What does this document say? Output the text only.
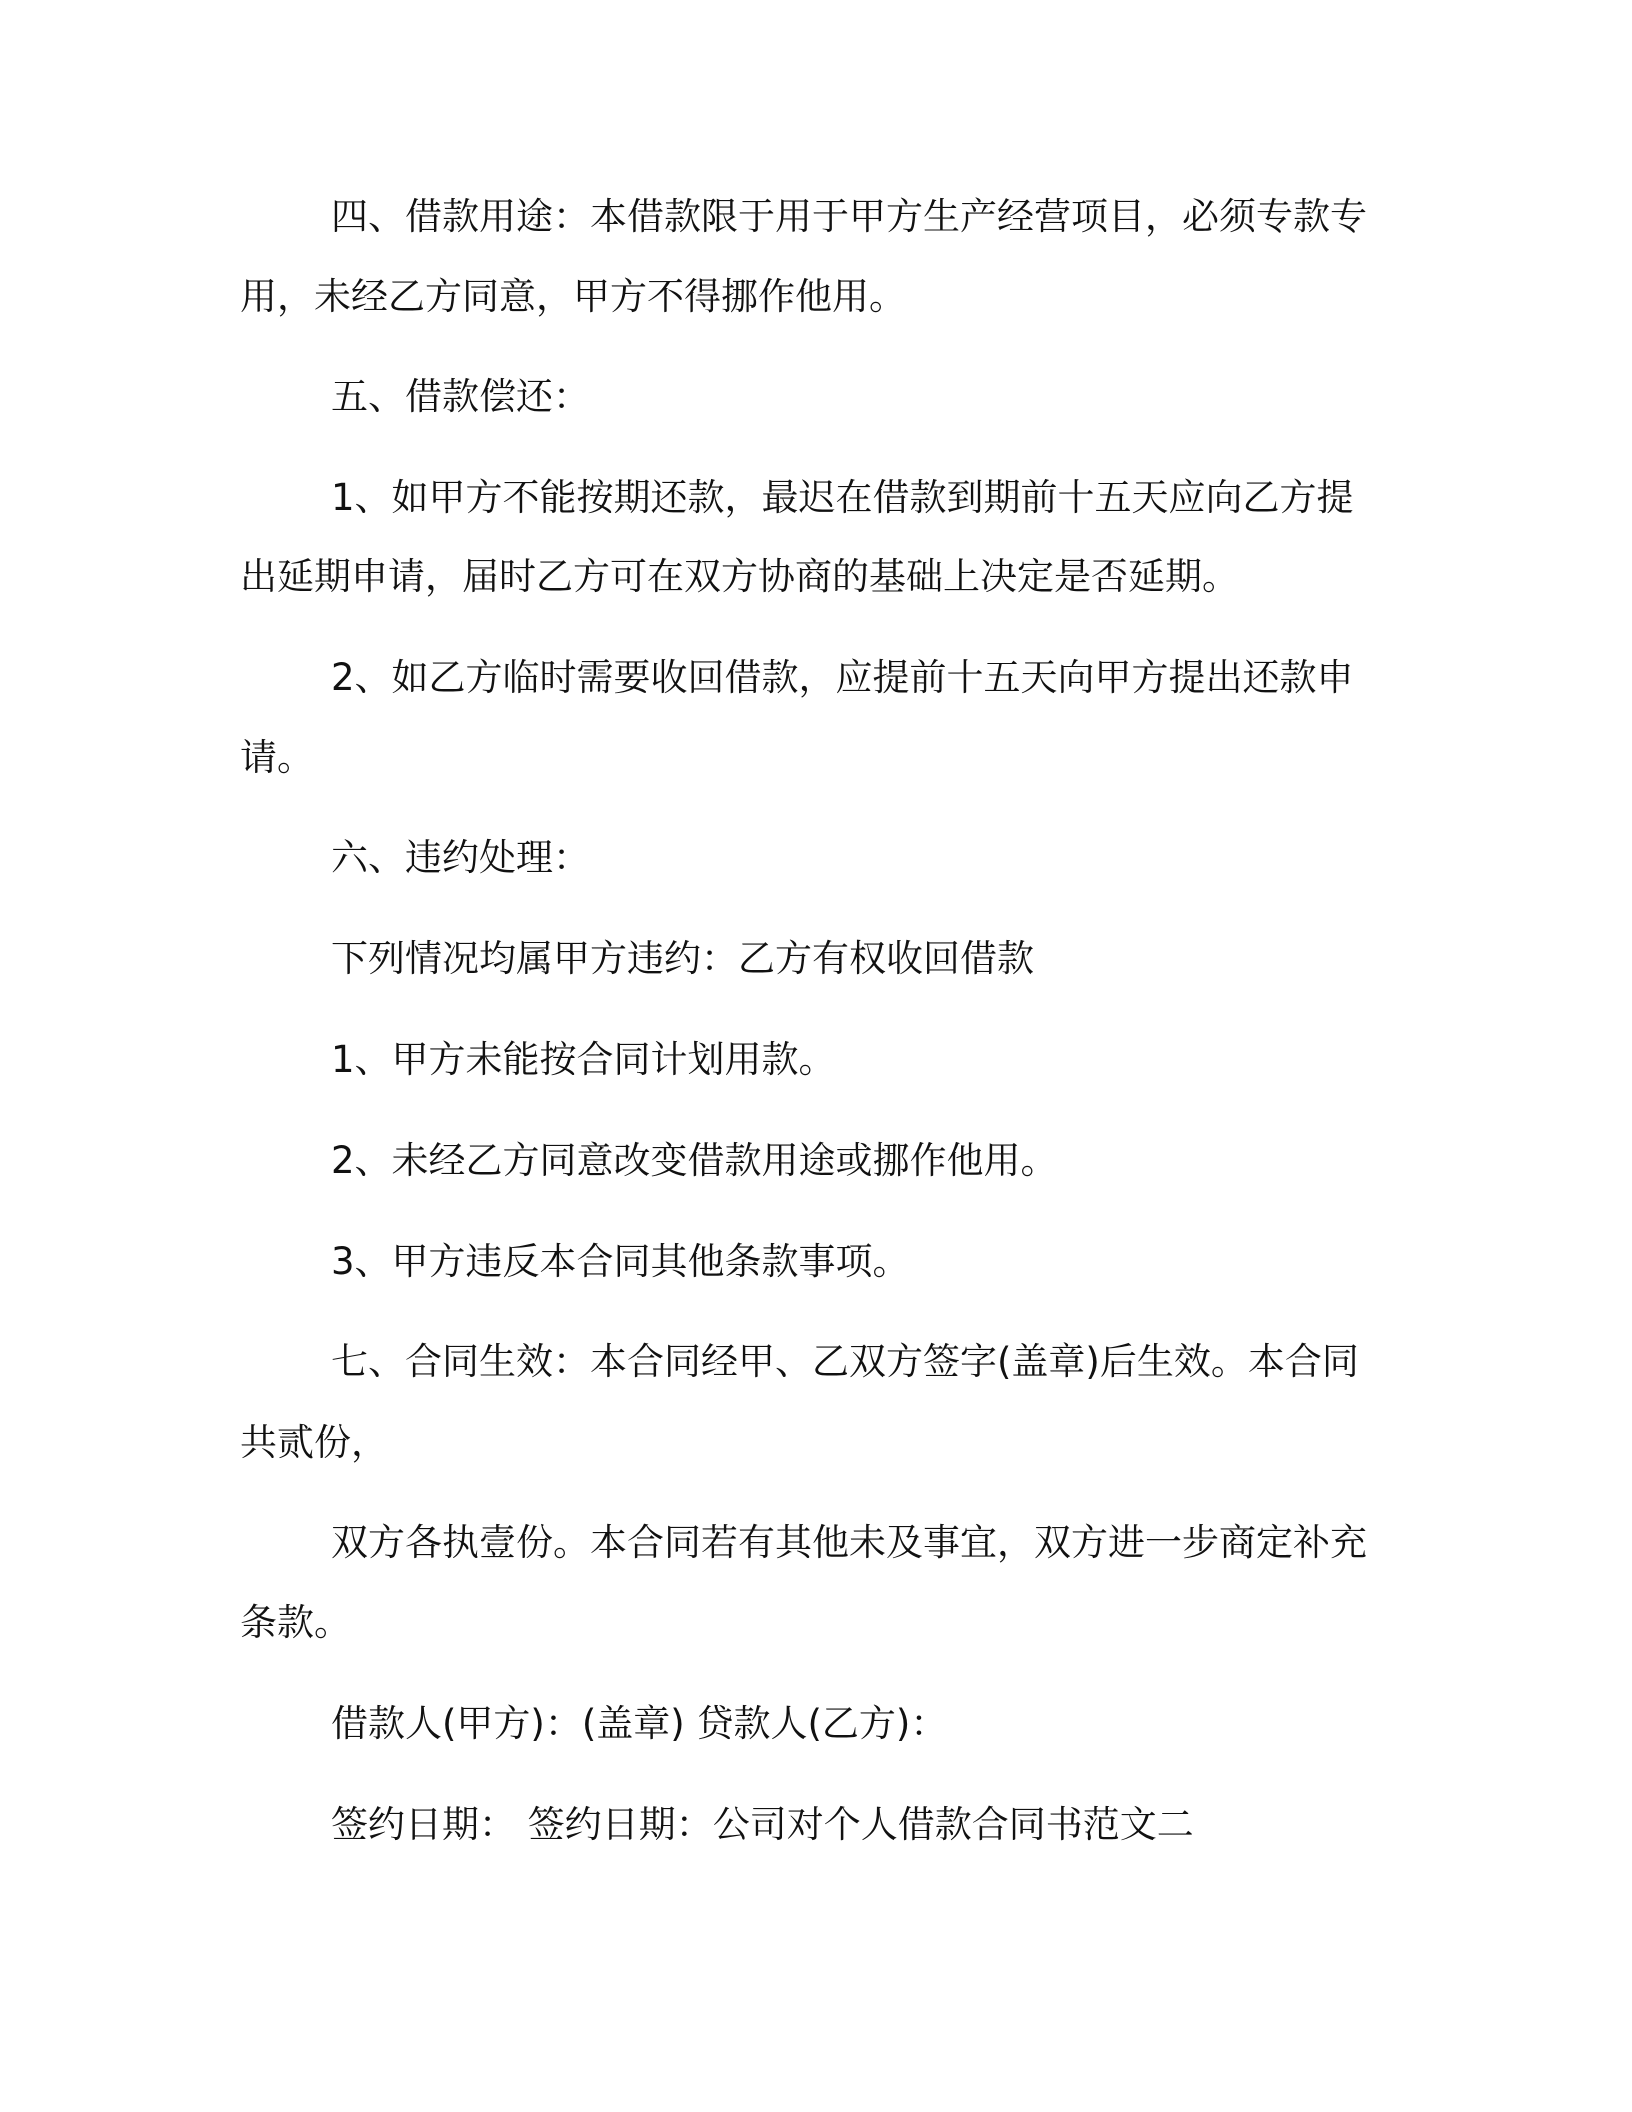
四、借款用途：本借款限于用于甲方生产经营项目，必须专款专

用，未经乙方同意，甲方不得挪作他用。

五、借款偿还：

1、如甲方不能按期还款，最迟在借款到期前十五天应向乙方提

出延期申请，届时乙方可在双方协商的基础上决定是否延期。

2、如乙方临时需要收回借款，应提前十五天向甲方提出还款申

请。

六、违约处理：

下列情况均属甲方违约：乙方有权收回借款

1、甲方未能按合同计划用款。

2、未经乙方同意改变借款用途或挪作他用。

3、甲方违反本合同其他条款事项。

七、合同生效：本合同经甲、乙双方签字(盖章)后生效。本合同

共贰份，

双方各执壹份。本合同若有其他未及事宜，双方进一步商定补充

条款。

借款人(甲方)：(盖章) 贷款人(乙方)：

签约日期： 签约日期：公司对个人借款合同书范文二
